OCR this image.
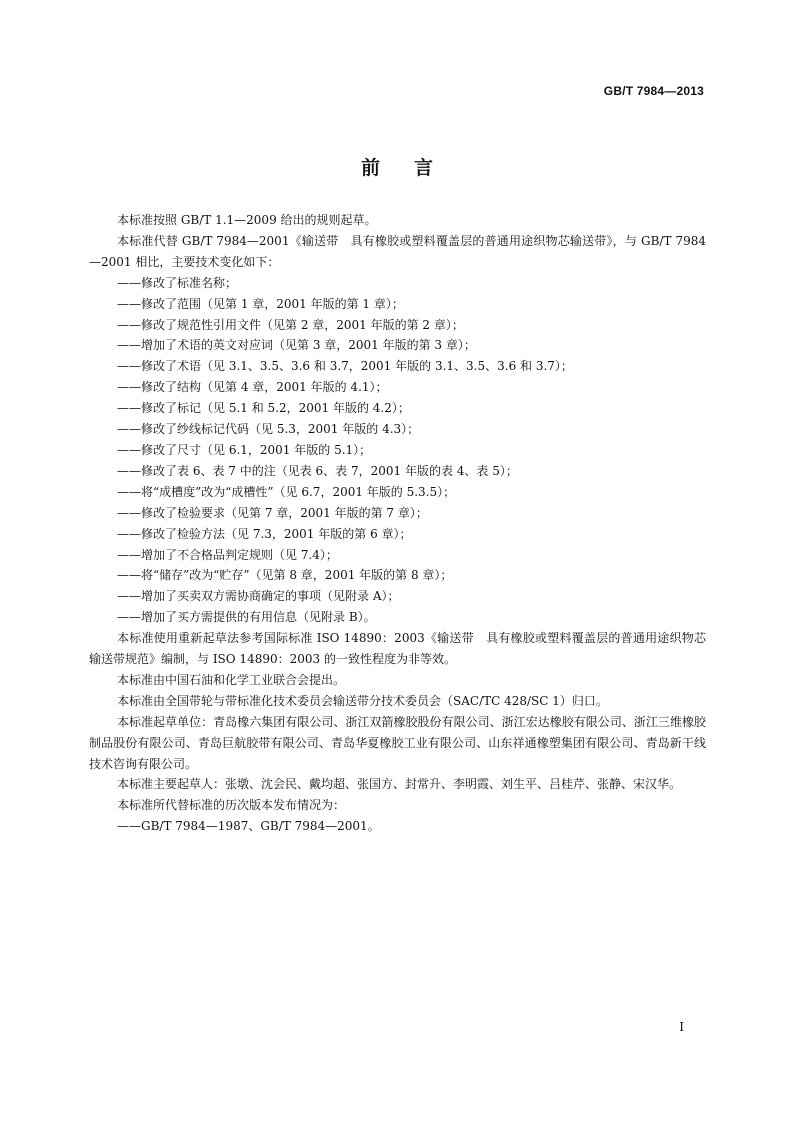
GB/T 7984—2013
前言

本标准按照 GB/T 1.1—2009 给出的规则起草。

本标准代替 GB/T 7984—2001《输送带　具有橡胶或塑料覆盖层的普通用途织物芯输送带》，与 GB/T 7984—2001 相比，主要技术变化如下：

——修改了标准名称；

——修改了范围（见第 1 章，2001 年版的第 1 章）；

——修改了规范性引用文件（见第 2 章，2001 年版的第 2 章）；

——增加了术语的英文对应词（见第 3 章，2001 年版的第 3 章）；

——修改了术语（见 3.1、3.5、3.6 和 3.7，2001 年版的 3.1、3.5、3.6 和 3.7）；

——修改了结构（见第 4 章，2001 年版的 4.1）；

——修改了标记（见 5.1 和 5.2，2001 年版的 4.2）；

——修改了纱线标记代码（见 5.3，2001 年版的 4.3）；

——修改了尺寸（见 6.1，2001 年版的 5.1）；

——修改了表 6、表 7 中的注（见表 6、表 7，2001 年版的表 4、表 5）；

——将“成槽度”改为“成槽性”（见 6.7，2001 年版的 5.3.5）；

——修改了检验要求（见第 7 章，2001 年版的第 7 章）；

——修改了检验方法（见 7.3，2001 年版的第 6 章）；

——增加了不合格品判定规则（见 7.4）；

——将“储存”改为“贮存”（见第 8 章，2001 年版的第 8 章）；

——增加了买卖双方需协商确定的事项（见附录 A）；

——增加了买方需提供的有用信息（见附录 B）。

本标准使用重新起草法参考国际标准 ISO 14890：2003《输送带　具有橡胶或塑料覆盖层的普通用途织物芯输送带规范》编制，与 ISO 14890：2003 的一致性程度为非等效。

本标准由中国石油和化学工业联合会提出。

本标准由全国带轮与带标准化技术委员会输送带分技术委员会（SAC/TC 428/SC 1）归口。

本标准起草单位：青岛橡六集团有限公司、浙江双箭橡胶股份有限公司、浙江宏达橡胶有限公司、浙江三维橡胶制品股份有限公司、青岛巨航胶带有限公司、青岛华夏橡胶工业有限公司、山东祥通橡塑集团有限公司、青岛新干线技术咨询有限公司。

本标准主要起草人：张墩、沈会民、戴均超、张国方、封常升、李明霞、刘生平、吕桂芹、张静、宋汉华。

本标准所代替标准的历次版本发布情况为：

——GB/T 7984—1987、GB/T 7984—2001。

I
